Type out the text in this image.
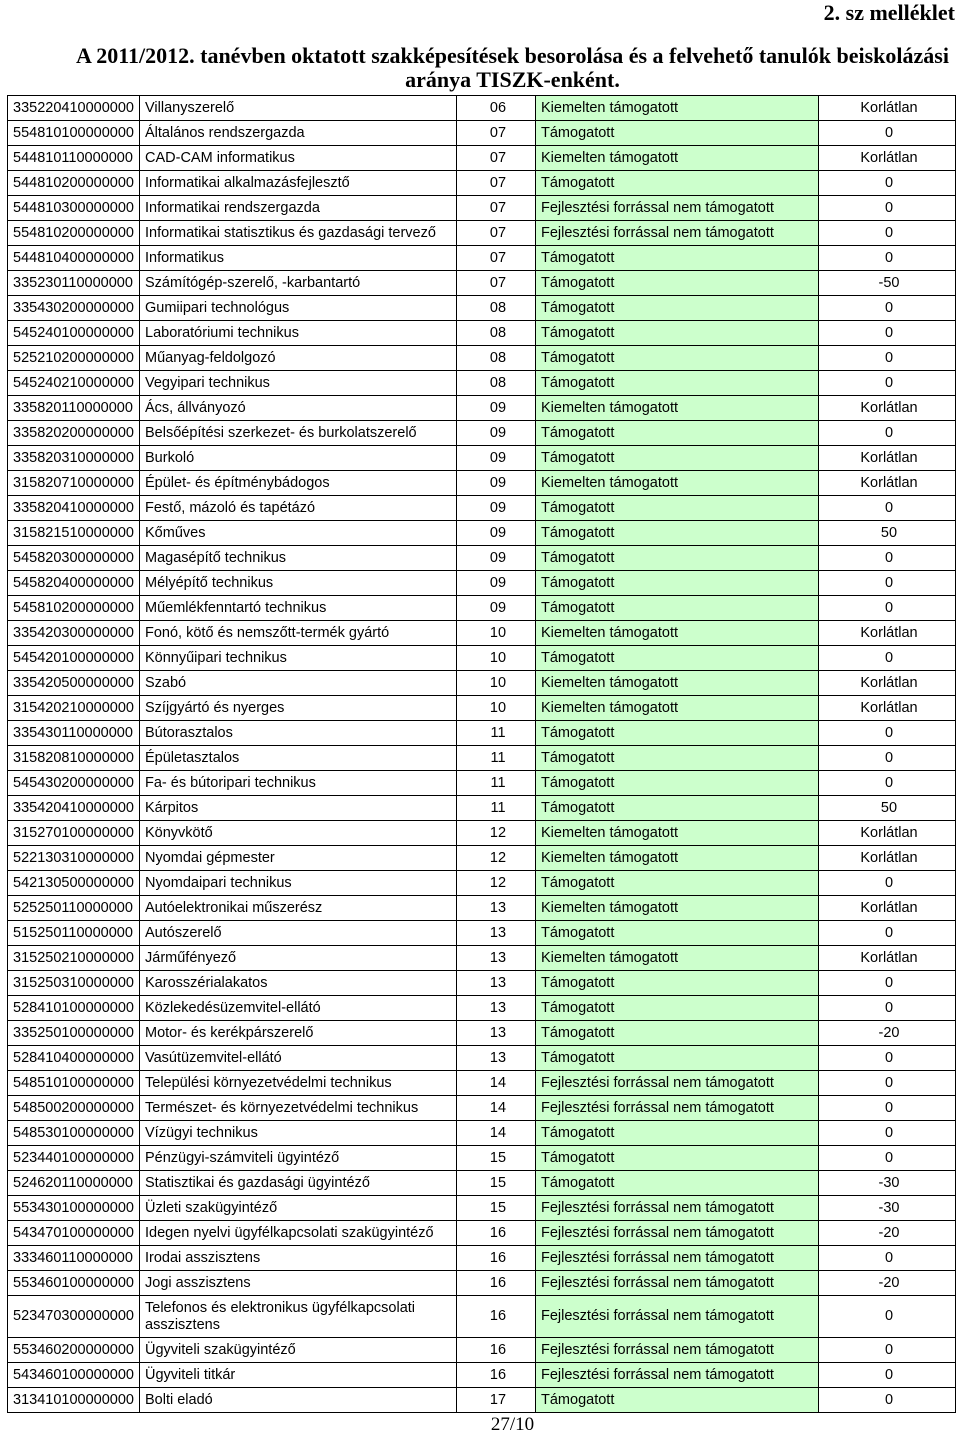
2. sz melléklet
A 2011/2012. tanévben oktatott szakképesítések besorolása és a felvehető tanulók beiskolázási
aránya TISZK-enként.
335220410000000	Villanyszerelő	06	Kiemelten támogatott	Korlátlan
554810100000000	Általános rendszergazda	07	Támogatott	0
544810110000000	CAD-CAM informatikus	07	Kiemelten támogatott	Korlátlan
544810200000000	Informatikai alkalmazásfejlesztő	07	Támogatott	0
544810300000000	Informatikai rendszergazda	07	Fejlesztési forrással nem támogatott	0
554810200000000	Informatikai statisztikus és gazdasági tervező	07	Fejlesztési forrással nem támogatott	0
544810400000000	Informatikus	07	Támogatott	0
335230110000000	Számítógép-szerelő, -karbantartó	07	Támogatott	-50
335430200000000	Gumiipari technológus	08	Támogatott	0
545240100000000	Laboratóriumi technikus	08	Támogatott	0
525210200000000	Műanyag-feldolgozó	08	Támogatott	0
545240210000000	Vegyipari technikus	08	Támogatott	0
335820110000000	Ács, állványozó	09	Kiemelten támogatott	Korlátlan
335820200000000	Belsőépítési szerkezet- és burkolatszerelő	09	Támogatott	0
335820310000000	Burkoló	09	Támogatott	Korlátlan
315820710000000	Épület- és építménybádogos	09	Kiemelten támogatott	Korlátlan
335820410000000	Festő, mázoló és tapétázó	09	Támogatott	0
315821510000000	Kőműves	09	Támogatott	50
545820300000000	Magasépítő technikus	09	Támogatott	0
545820400000000	Mélyépítő technikus	09	Támogatott	0
545810200000000	Műemlékfenntartó technikus	09	Támogatott	0
335420300000000	Fonó, kötő és nemszőtt-termék gyártó	10	Kiemelten támogatott	Korlátlan
545420100000000	Könnyűipari technikus	10	Támogatott	0
335420500000000	Szabó	10	Kiemelten támogatott	Korlátlan
315420210000000	Szíjgyártó és nyerges	10	Kiemelten támogatott	Korlátlan
335430110000000	Bútorasztalos	11	Támogatott	0
315820810000000	Épületasztalos	11	Támogatott	0
545430200000000	Fa- és bútoripari technikus	11	Támogatott	0
335420410000000	Kárpitos	11	Támogatott	50
315270100000000	Könyvkötő	12	Kiemelten támogatott	Korlátlan
522130310000000	Nyomdai gépmester	12	Kiemelten támogatott	Korlátlan
542130500000000	Nyomdaipari technikus	12	Támogatott	0
525250110000000	Autóelektronikai műszerész	13	Kiemelten támogatott	Korlátlan
515250110000000	Autószerelő	13	Támogatott	0
315250210000000	Járműfényező	13	Kiemelten támogatott	Korlátlan
315250310000000	Karosszérialakatos	13	Támogatott	0
528410100000000	Közlekedésüzemvitel-ellátó	13	Támogatott	0
335250100000000	Motor- és kerékpárszerelő	13	Támogatott	-20
528410400000000	Vasútüzemvitel-ellátó	13	Támogatott	0
548510100000000	Települési környezetvédelmi technikus	14	Fejlesztési forrással nem támogatott	0
548500200000000	Természet- és környezetvédelmi technikus	14	Fejlesztési forrással nem támogatott	0
548530100000000	Vízügyi technikus	14	Támogatott	0
523440100000000	Pénzügyi-számviteli ügyintéző	15	Támogatott	0
524620110000000	Statisztikai és gazdasági ügyintéző	15	Támogatott	-30
553430100000000	Üzleti szakügyintéző	15	Fejlesztési forrással nem támogatott	-30
543470100000000	Idegen nyelvi ügyfélkapcsolati szakügyintéző	16	Fejlesztési forrással nem támogatott	-20
333460110000000	Irodai asszisztens	16	Fejlesztési forrással nem támogatott	0
553460100000000	Jogi asszisztens	16	Fejlesztési forrással nem támogatott	-20
523470300000000	Telefonos és elektronikus ügyfélkapcsolati asszisztens	16	Fejlesztési forrással nem támogatott	0
553460200000000	Ügyviteli szakügyintéző	16	Fejlesztési forrással nem támogatott	0
543460100000000	Ügyviteli titkár	16	Fejlesztési forrással nem támogatott	0
313410100000000	Bolti eladó	17	Támogatott	0
27/10
